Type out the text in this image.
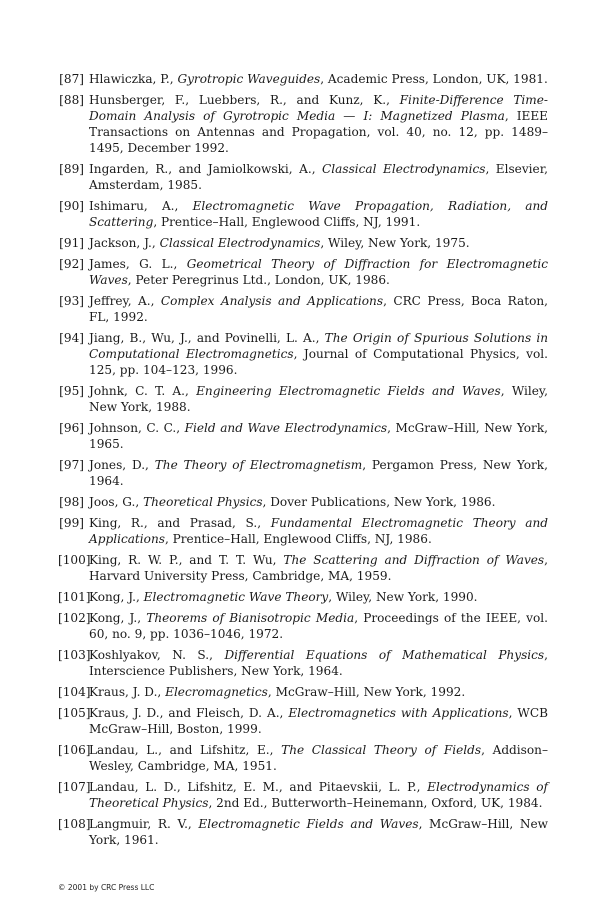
[87] Hlawiczka, P., Gyrotropic Waveguides, Academic Press, London, UK, 1981.
[88] Hunsberger, F., Luebbers, R., and Kunz, K., Finite-Difference Time-Domain Analysis of Gyrotropic Media — I: Magnetized Plasma, IEEE Transactions on Antennas and Propagation, vol. 40, no. 12, pp. 1489–1495, December 1992.
[89] Ingarden, R., and Jamiolkowski, A., Classical Electrodynamics, Elsevier, Amsterdam, 1985.
[90] Ishimaru, A., Electromagnetic Wave Propagation, Radiation, and Scattering, Prentice–Hall, Englewood Cliffs, NJ, 1991.
[91] Jackson, J., Classical Electrodynamics, Wiley, New York, 1975.
[92] James, G. L., Geometrical Theory of Diffraction for Electromagnetic Waves, Peter Peregrinus Ltd., London, UK, 1986.
[93] Jeffrey, A., Complex Analysis and Applications, CRC Press, Boca Raton, FL, 1992.
[94] Jiang, B., Wu, J., and Povinelli, L. A., The Origin of Spurious Solutions in Computational Electromagnetics, Journal of Computational Physics, vol. 125, pp. 104–123, 1996.
[95] Johnk, C. T. A., Engineering Electromagnetic Fields and Waves, Wiley, New York, 1988.
[96] Johnson, C. C., Field and Wave Electrodynamics, McGraw–Hill, New York, 1965.
[97] Jones, D., The Theory of Electromagnetism, Pergamon Press, New York, 1964.
[98] Joos, G., Theoretical Physics, Dover Publications, New York, 1986.
[99] King, R., and Prasad, S., Fundamental Electromagnetic Theory and Applications, Prentice–Hall, Englewood Cliffs, NJ, 1986.
[100]
King, R. W. P., and T. T. Wu, The Scattering and Diffraction of Waves, Harvard University Press, Cambridge, MA, 1959.
[101]
Kong, J., Electromagnetic Wave Theory, Wiley, New York, 1990.
[102]
Kong, J., Theorems of Bianisotropic Media, Proceedings of the IEEE, vol. 60, no. 9, pp. 1036–1046, 1972.
[103]
Koshlyakov, N. S., Differential Equations of Mathematical Physics, Interscience Publishers, New York, 1964.
[104]
Kraus, J. D., Elecromagnetics, McGraw–Hill, New York, 1992.
[105]
Kraus, J. D., and Fleisch, D. A., Electromagnetics with Applications, WCB McGraw–Hill, Boston, 1999.
[106]
Landau, L., and Lifshitz, E., The Classical Theory of Fields, Addison–Wesley, Cambridge, MA, 1951.
[107]
Landau, L. D., Lifshitz, E. M., and Pitaevskii, L. P., Electrodynamics of Theoretical Physics, 2nd Ed., Butterworth–Heinemann, Oxford, UK, 1984.
[108]
Langmuir, R. V., Electromagnetic Fields and Waves, McGraw–Hill, New York, 1961.
© 2001 by CRC Press LLC
